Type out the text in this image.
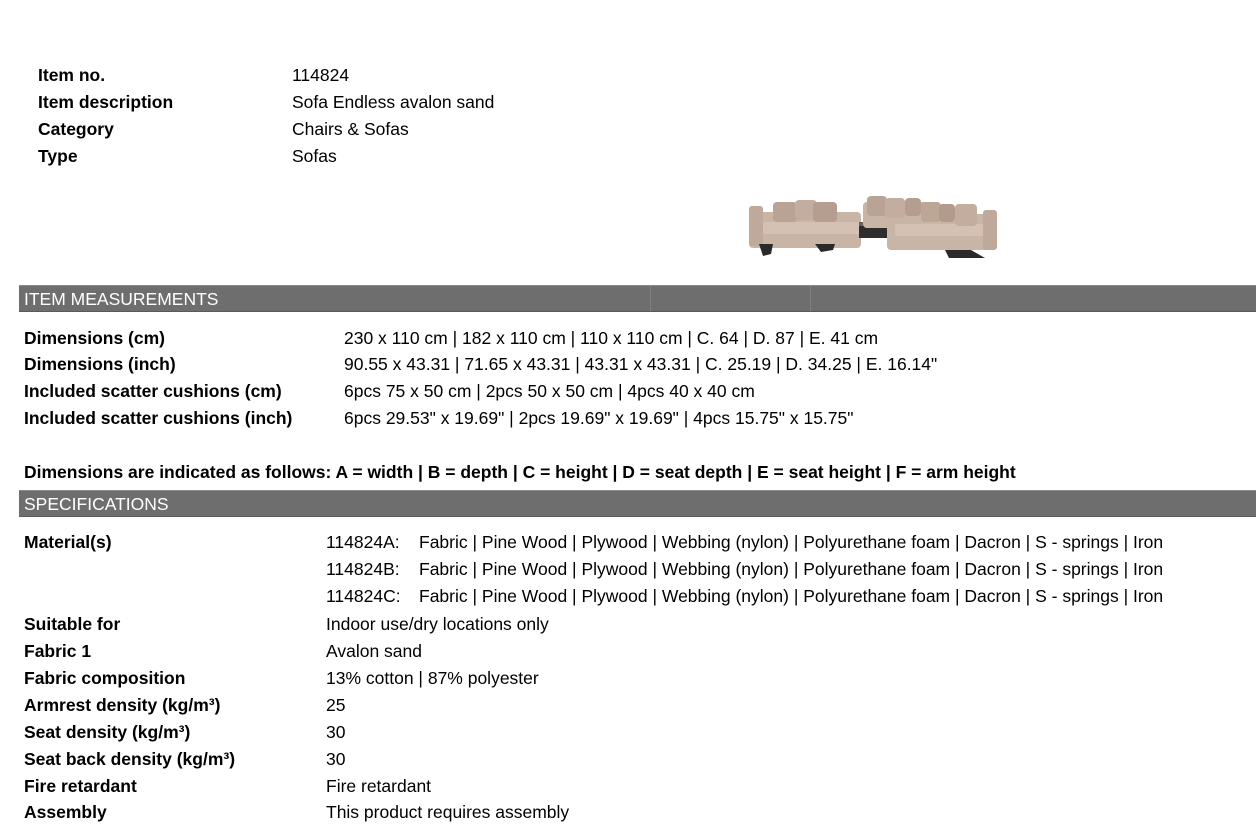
Item no.	114824
Item description	Sofa Endless avalon sand
Category	Chairs & Sofas
Type	Sofas
ITEM MEASUREMENTS
Dimensions (cm)	230 x 110 cm | 182 x 110 cm | 110 x 110 cm | C. 64 | D. 87 | E. 41 cm
Dimensions (inch)	90.55 x 43.31 | 71.65 x 43.31 | 43.31 x 43.31 | C. 25.19 | D. 34.25 | E. 16.14"
Included scatter cushions (cm)	6pcs 75 x 50 cm | 2pcs 50 x 50 cm | 4pcs 40 x 40 cm
Included scatter cushions (inch)	6pcs 29.53" x 19.69" | 2pcs 19.69" x 19.69" | 4pcs 15.75" x 15.75"
Dimensions are indicated as follows: A = width | B = depth | C = height | D = seat depth | E = seat height | F = arm height
SPECIFICATIONS
Material(s)	114824A: Fabric | Pine Wood | Plywood | Webbing (nylon) | Polyurethane foam | Dacron | S - springs | Iron
114824B: Fabric | Pine Wood | Plywood | Webbing (nylon) | Polyurethane foam | Dacron | S - springs | Iron
114824C: Fabric | Pine Wood | Plywood | Webbing (nylon) | Polyurethane foam | Dacron | S - springs | Iron
Suitable for	Indoor use/dry locations only
Fabric 1	Avalon sand
Fabric composition	13% cotton | 87% polyester
Armrest density (kg/m³)	25
Seat density (kg/m³)	30
Seat back density (kg/m³)	30
Fire retardant	Fire retardant
Assembly	This product requires assembly
